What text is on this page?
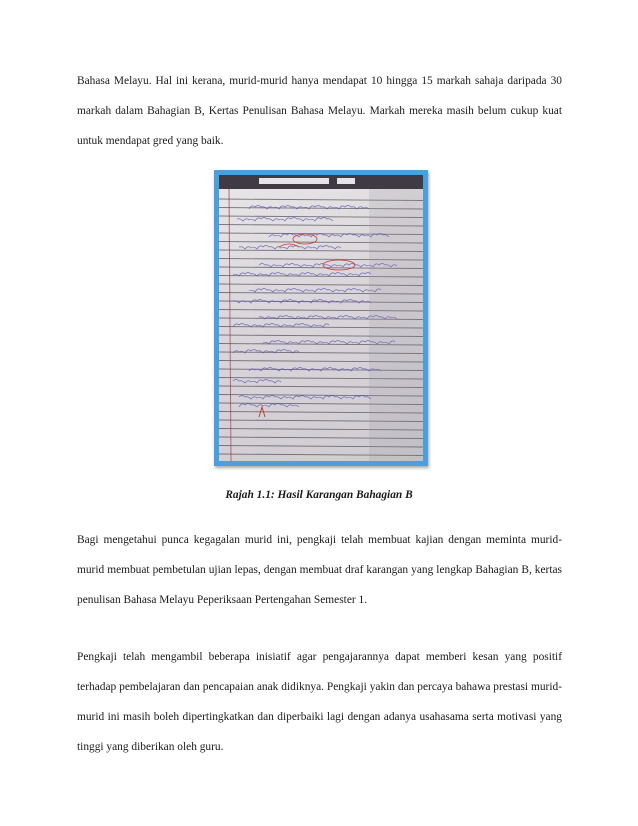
Bahasa Melayu. Hal ini kerana, murid-murid hanya mendapat 10 hingga 15 markah sahaja daripada 30 markah dalam Bahagian B, Kertas Penulisan Bahasa Melayu. Markah mereka masih belum cukup kuat untuk mendapat gred yang baik.

Rajah 1.1: Hasil Karangan Bahagian B

Bagi mengetahui punca kegagalan murid ini, pengkaji telah membuat kajian dengan meminta murid-murid membuat pembetulan ujian lepas, dengan membuat draf karangan yang lengkap Bahagian B, kertas penulisan Bahasa Melayu Peperiksaan Pertengahan Semester 1.

Pengkaji telah mengambil beberapa inisiatif agar pengajarannya dapat memberi kesan yang positif terhadap pembelajaran dan pencapaian anak didiknya. Pengkaji yakin dan percaya bahawa prestasi murid-murid ini masih boleh dipertingkatkan dan diperbaiki lagi dengan adanya usahasama serta motivasi yang tinggi yang diberikan oleh guru.
